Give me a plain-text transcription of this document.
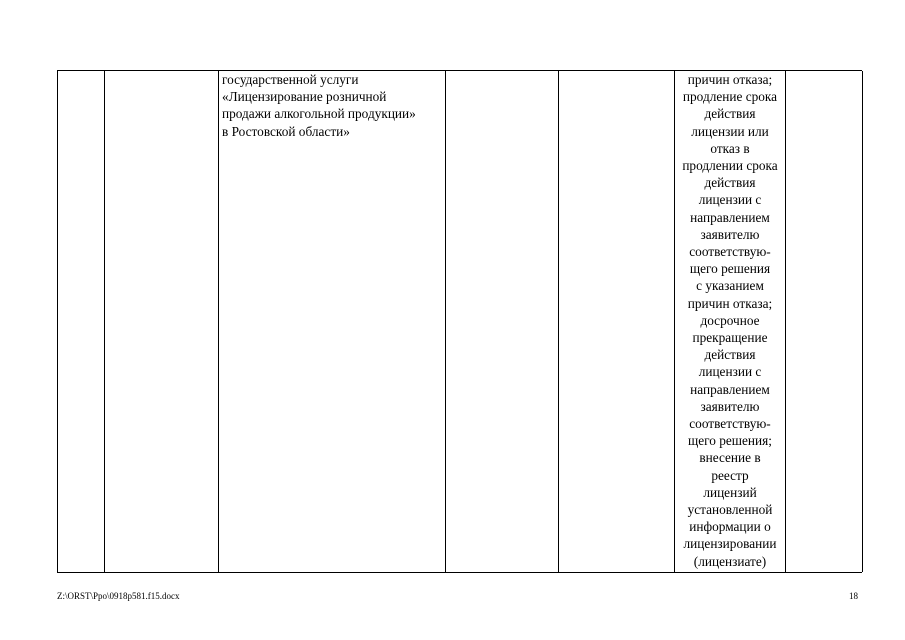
государственной услуги
«Лицензирование розничной
продажи алкогольной продукции»
в Ростовской области»
причин отказа;
продление срока
действия
лицензии или
отказ в
продлении срока
действия
лицензии с
направлением
заявителю
соответствую-
щего решения
с указанием
причин отказа;
досрочное
прекращение
действия
лицензии с
направлением
заявителю
соответствую-
щего решения;
внесение в
реестр
лицензий
установленной
информации о
лицензировании
(лицензиате)
Z:\ORST\Ppo\0918p581.f15.docx	18
